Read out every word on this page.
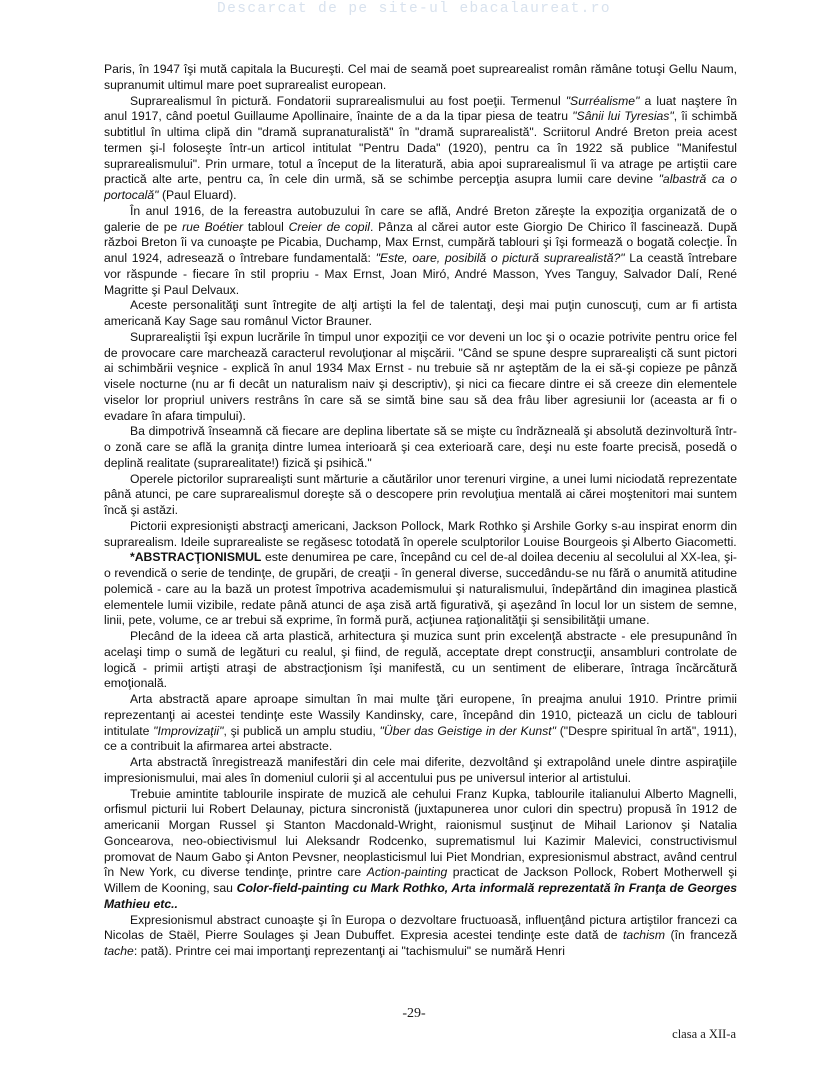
Descarcat de pe site-ul ebacalaureat.ro

Paris, în 1947 îşi mută capitala la Bucureşti. Cel mai de seamă poet suprearealist român rămâne totuşi Gellu Naum, supranumit ultimul mare poet suprarealist european.

Suprarealismul în pictură. Fondatorii suprarealismului au fost poeţii. Termenul "Surréalisme" a luat naştere în anul 1917, când poetul Guillaume Apollinaire, înainte de a da la tipar piesa de teatru "Sânii lui Tyresias", îi schimbă subtitlul în ultima clipă din "dramă supranaturalistă" în "dramă suprarealistă". Scriitorul André Breton preia acest termen şi-l foloseşte într-un articol intitulat "Pentru Dada" (1920), pentru ca în 1922 să publice "Manifestul suprarealismului". Prin urmare, totul a început de la literatură, abia apoi suprarealismul îi va atrage pe artiştii care practică alte arte, pentru ca, în cele din urmă, să se schimbe percepţia asupra lumii care devine "albastră ca o portocală" (Paul Eluard).

În anul 1916, de la fereastra autobuzului în care se află, André Breton zăreşte la expoziţia organizată de o galerie de pe rue Boétier tabloul Creier de copil. Pânza al cărei autor este Giorgio De Chirico îl fascinează. După război Breton îi va cunoaşte pe Picabia, Duchamp, Max Ernst, cumpără tablouri şi îşi formează o bogată colecţie. În anul 1924, adresează o întrebare fundamentală: "Este, oare, posibilă o pictură suprarealistă?" La ceastă întrebare vor răspunde - fiecare în stil propriu - Max Ernst, Joan Miró, André Masson, Yves Tanguy, Salvador Dalí, René Magritte şi Paul Delvaux.

Aceste personalităţi sunt întregite de alţi artişti la fel de talentaţi, deşi mai puţin cunoscuţi, cum ar fi artista americană Kay Sage sau românul Victor Brauner.

Suprarealiştii îşi expun lucrările în timpul unor expoziţii ce vor deveni un loc şi o ocazie potrivite pentru orice fel de provocare care marchează caracterul revoluţionar al mişcării. "Când se spune despre suprarealişti că sunt pictori ai schimbării veşnice - explică în anul 1934 Max Ernst - nu trebuie să nr aşteptăm de la ei să-şi copieze pe pânză visele nocturne (nu ar fi decât un naturalism naiv şi descriptiv), şi nici ca fiecare dintre ei să creeze din elementele viselor lor propriul univers restrâns în care să se simtă bine sau să dea frâu liber agresiunii lor (aceasta ar fi o evadare în afara timpului).

Ba dimpotrivă înseamnă că fiecare are deplina libertate să se mişte cu îndrăzneală şi absolută dezinvoltură într-o zonă care se află la graniţa dintre lumea interioară şi cea exterioară care, deşi nu este foarte precisă, posedă o deplină realitate (suprarealitate!) fizică şi psihică."

Operele pictorilor suprarealişti sunt mărturie a căutărilor unor terenuri virgine, a unei lumi niciodată reprezentate până atunci, pe care suprarealismul doreşte să o descopere prin revoluţiua mentală ai cărei moştenitori mai suntem încă şi astăzi.

Pictorii expresionişti abstracţi americani, Jackson Pollock, Mark Rothko şi Arshile Gorky s-au inspirat enorm din suprarealism. Ideile suprarealiste se regăsesc totodată în operele sculptorilor Louise Bourgeois şi Alberto Giacometti.

*ABSTRACŢIONISMUL este denumirea pe care, începând cu cel de-al doilea deceniu al secolului al XX-lea, şi-o revendică o serie de tendinţe, de grupări, de creaţii - în general diverse, succedându-se nu fără o anumită atitudine polemică - care au la bază un protest împotriva academismului şi naturalismului, îndepărtând din imaginea plastică elementele lumii vizibile, redate până atunci de aşa zisă artă figurativă, şi aşezând în locul lor un sistem de semne, linii, pete, volume, ce ar trebui să exprime, în formă pură, acţiunea raţionalităţii şi sensibilităţii umane.

Plecând de la ideea că arta plastică, arhitectura şi muzica sunt prin excelenţă abstracte - ele presupunând în acelaşi timp o sumă de legături cu realul, şi fiind, de regulă, acceptate drept construcţii, ansambluri controlate de logică - primii artişti atraşi de abstracţionism îşi manifestă, cu un sentiment de eliberare, întraga încărcătură emoţională.

Arta abstractă apare aproape simultan în mai multe ţări europene, în preajma anului 1910. Printre primii reprezentanţi ai acestei tendinţe este Wassily Kandinsky, care, începând din 1910, pictează un ciclu de tablouri intitulate "Improvizaţii", şi publică un amplu studiu, "Über das Geistige in der Kunst" ("Despre spiritual în artă", 1911), ce a contribuit la afirmarea artei abstracte.

Arta abstractă înregistrează manifestări din cele mai diferite, dezvoltând şi extrapolând unele dintre aspiraţiile impresionismului, mai ales în domeniul culorii şi al accentului pus pe universul interior al artistului.

Trebuie amintite tablourile inspirate de muzică ale cehului Franz Kupka, tablourile italianului Alberto Magnelli, orfismul picturii lui Robert Delaunay, pictura sincronistă (juxtapunerea unor culori din spectru) propusă în 1912 de americanii Morgan Russel şi Stanton Macdonald-Wright, raionismul susţinut de Mihail Larionov şi Natalia Goncearova, neo-obiectivismul lui Aleksandr Rodcenko, suprematismul lui Kazimir Malevici, constructivismul promovat de Naum Gabo şi Anton Pevsner, neoplasticismul lui Piet Mondrian, expresionismul abstract, având centrul în New York, cu diverse tendinţe, printre care Action-painting practicat de Jackson Pollock, Robert Motherwell şi Willem de Kooning, sau Color-field-painting cu Mark Rothko, Arta informală reprezentată în Franţa de Georges Mathieu etc..

Expresionismul abstract cunoaşte şi în Europa o dezvoltare fructuoasă, influenţând pictura artiştilor francezi ca Nicolas de Staël, Pierre Soulages şi Jean Dubuffet. Expresia acestei tendinţe este dată de tachism (în franceză tache: pată). Printre cei mai importanţi reprezentanţi ai "tachismului" se numără Henri

-29-
clasa a XII-a
